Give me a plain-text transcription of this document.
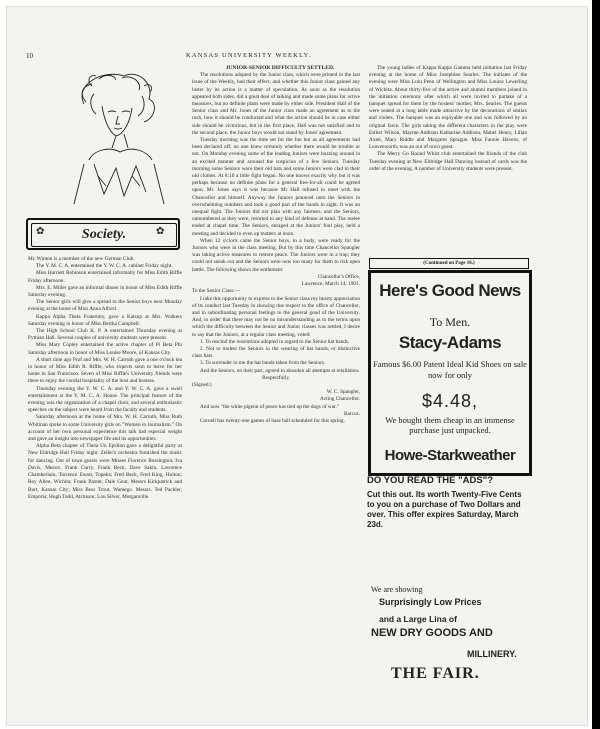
10	KANSAS UNIVERSITY WEEKLY.
Society.
✿	✿

Mr. Winton is a member of the new German Club.

The Y. M. C. A. entertained the Y. W. C. A. cabinet Friday night.

Miss Harriett Robinson entertained informally for Miss Edith Riffle Friday afternoon.

Mrs. E. Miller gave an informal dinner in honor of Miss Edith Riffle Saturday evening.

The Senior girls will give a spread to the Senior boys next Monday evening at the home of Miss Anna Alford.

Kappa Alpha Theta Fraternity, gave a Katsup at Mrs. Walkers Saturday evening in honor of Miss Bertha Campbell.

The High School Club K. P. A entertained Thursday evening at Pythian Hall. Several couples of university students were present.

Miss Mary Copley entertained the active chapter of Pi Beta Phi Saturday afternoon in honor of Miss Louise Moore, of Kansas City.

A short time ago Prof and Mrs. W. H. Carruth gave a one o'clock tea in honor of Miss Edith R. Riffle, who expects soon to leave for her home in San Francisco. Seven of Miss Riffle's University friends were there to enjoy the cordial hospitality of the host and hostess.

Thursday evening the Y. W. C. A. and Y. W. C. A. gave a swell entertainment at the Y. M. C. A. House. The principal feature of the evening was the organization of a chapel choir, and several enthusiastic speeches on the subject were heard from the faculty and students.

Saturday afternoon at the home of Mrs. W. H. Carruth, Miss Ruth Whitman spoke to some University girls on "Women in Journalism." On account of her own personal experience this talk had especial weight and gave an insight into newspaper life and its opportunities.

Alpha Beta chapter of Theta Un Epsilon gave a delightful party at New Eldridge Hall Friday night. Zeller's orchestra furnished the music for dancing. Out of town guests were Misses Florence Bossington, Iva Davis, Messrs. Frank Curry, Frank Beck, Dave Sakin, Lawrence Chamberlain, Torrence Ewart, Topeka; Fred Beck, Fred King, Holton; Roy Allen, Wichita; Frank Parent, Dale Gear, Messrs Kirkpatrick and Burt, Kansas City; Miss Bess Trout, Wamego. Messrs. Ted Pachler, Emporia; Hugh Todd, Atchison; Lou Silver, Morganville.

JUNIOR-SENIOR DIFFICULTY SETTLED.

The resolutions adopted by the Junior class, which were printed in the last issue of the Weekly, had their effect, and whether this Junior class gained any luster by its action is a matter of speculation. As soon as the resolution appeared both sides, did a great deal of talking and made some plans for active measures, but no definite plans were made by either side. President Hall of the Senior class and Mr. Jones of the Junior class made an agreement as to the rush, how it should be conducted and what the action should be in case either side should be victorious, but in the first place, Hall was not satisfied and in the second place, the Junior boys would not stand by Jones' agreement.

Tuesday morning was the time set for the fun but as all agreements had been declared off, no one knew certainly whether there would be trouble or not. On Monday evening some of the leading Juniors were buzzing around in an excited manner and aroused the suspicion of a few Seniors. Tuesday morning some Seniors wore their old hats and some Juniors were clad in their old clothes. At 8:10 a little fight began. No one knows exactly why but it was perhaps because no definite plans for a general free-for-all could be agreed upon. Mr. Jones says it was because Mr Hall refused to meet with the Chancellor and himself. Anyway the Juniors pounced onto the Seniors in overwhelming numbers and took a good part of the bands in sight. It was an unequal fight. The Juniors did not plan with any fairness, and the Seniors, outnumbered as they were, resorted to any kind of defense at hand. The melee ended at chapel time. The Seniors, enraged at the Juniors' foul play, held a meeting and decided to even up matters at noon.

When 12 o'clock came the Senior boys, in a body, were ready for the Juniors who were in the class meeting. But by this time Chancellor Spangler was taking active measures to restore peace. The Juniors were in a trap; they could not sneak out and the Seniors were now too many for them to risk open battle. The following shows the settlement:

Chancellor's Office,

Lawrence, March 14, 1901.

To the Senior Class:—

I take this opportunity to express to the Senior class my hearty appreciation of its conduct last Tuesday in showing due respect to the office of Chancellor, and in subordinating personal feelings to the general good of the University. And, in order that there may not be no misunderstanding as to the terms upon which the difficulty between the Senior and Junior classes was settled, I desire to say that the Juniors, at a regular class meeting, voted:

1. To rescind the resolutions adopted in regard to the Senior hat bands.

2. Not to molest the Seniors in the wearing of hat bands, or distinctive class hats.

3. To surrender to me the hat bands taken from the Seniors.

And the Seniors, on their part, agreed to abandon all attempts at retaliation.

Respectfully,

(Signed.)

W. C. Spangler,

Acting Chancellor.

And now "the white pigeon of peace has tied up the dogs of war."

Barcus.

Cornell has twenty-one games of base ball scheduled for this spring.

The young ladies of Kappa Kappa Gamma held initiation last Friday evening at the home of Miss Josephine Searles. The initiates of the evening were Miss Lulu Penn of Wellington and Miss Louise Lewelling of Wichita. About thirty-five of the active and alumni members joined in the initiation ceremony after which all were invited to partake of a banquet spread for them by the hostess' mother, Mrs. Searles. The guests were seated at a long table made attractive by the decorations of smilax and violets. The banquet was an enjoyable one and was followed by an original farce. The girls taking the different characters in the play were Esther Wilson, Mayme Addison Katharine Addison, Mabel Henry, Lilian Axtel, Mary Riddle and Margaret Sprague. Miss Fannie Havens, of Leavenworth, was an out of town guest.

The Merry Go Round Whist club entertained the friends of the club Tuesday evening at New Eldridge Hall Dancing instead of cards was the order of the evening. A number of University students were present.

(Continued on Page 16.)
Here's Good News
To Men.
Stacy-Adams
Famous $6.00 Patent Ideal Kid Shoes on sale now for only
$4.48,
We bought them cheap in an immense purchase just unpacked.
Howe-Starkweather
DO YOU READ THE "ADS"?
Cut this out. Its worth Twenty-Five Cents to you on a purchase of Two Dollars and over. This offer expires Saturday, March 23d.
We are showing
Surprisingly Low Prices
and a Large Lina of
NEW DRY GOODS AND
MILLINERY.
THE FAIR.
